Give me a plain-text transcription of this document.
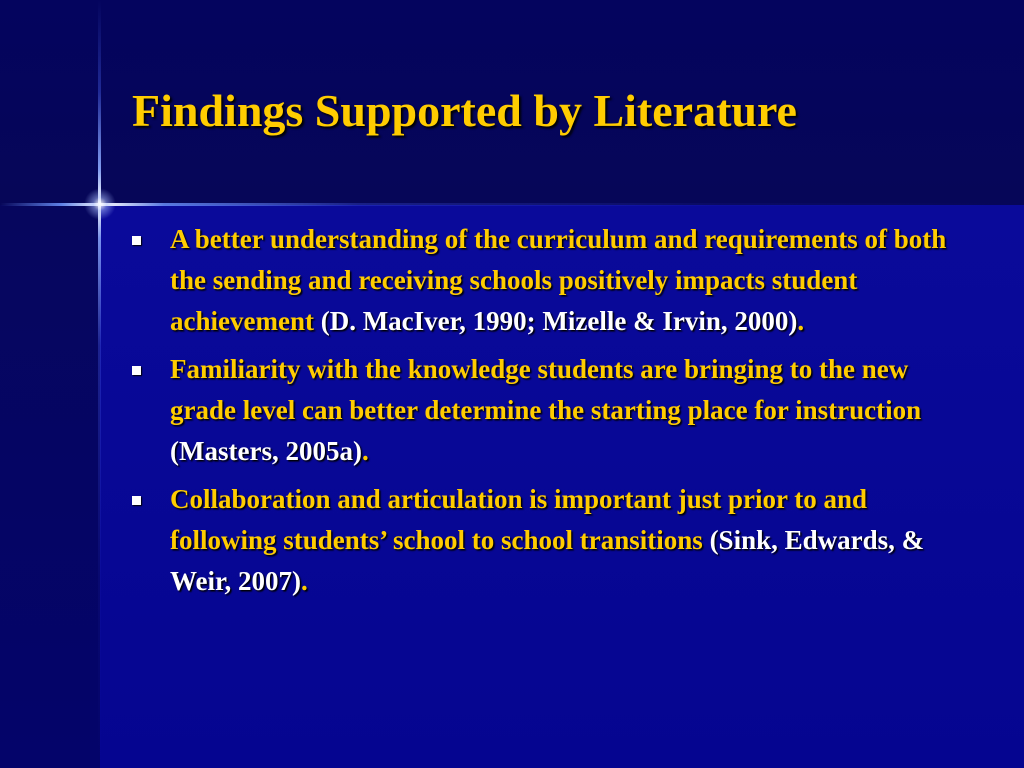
Findings Supported by Literature
A better understanding of the curriculum and requirements of both the sending and receiving schools positively impacts student achievement (D. MacIver, 1990; Mizelle & Irvin, 2000).
Familiarity with the knowledge students are bringing to the new grade level can better determine the starting place for instruction (Masters, 2005a).
Collaboration and articulation is important just prior to and following students’ school to school transitions (Sink, Edwards, & Weir, 2007).
